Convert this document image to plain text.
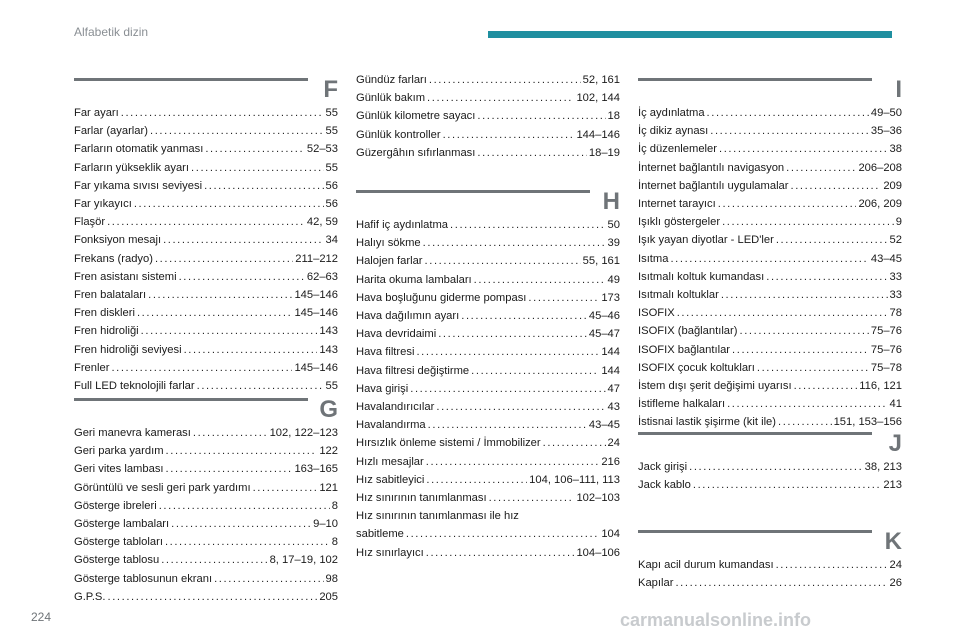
Alfabetik dizin
F
Far ayarı .....	55
Farlar (ayarlar) .....	55
Farların otomatik yanması .....	52–53
Farların yükseklik ayarı .....	55
Far yıkama sıvısı seviyesi .....	56
Far yıkayıcı .....	56
Flaşör .....	42, 59
Fonksiyon mesajı .....	34
Frekans (radyo) .....	211–212
Fren asistanı sistemi .....	62–63
Fren balataları .....	145–146
Fren diskleri .....	145–146
Fren hidroliği .....	143
Fren hidroliği seviyesi .....	143
Frenler .....	145–146
Full LED teknolojili farlar .....	55
G
Geri manevra kamerası .....	102, 122–123
Geri parka yardım .....	122
Geri vites lambası .....	163–165
Görüntülü ve sesli geri park yardımı .....	121
Gösterge ibreleri .....	8
Gösterge lambaları .....	9–10
Gösterge tabloları .....	8
Gösterge tablosu .....	8, 17–19, 102
Gösterge tablosunun ekranı .....	98
G.P.S. .....	205
Gündüz farları .....	52, 161
Günlük bakım .....	102, 144
Günlük kilometre sayacı .....	18
Günlük kontroller .....	144–146
Güzergâhın sıfırlanması .....	18–19
H
Hafif iç aydınlatma .....	50
Halıyı sökme .....	39
Halojen farlar .....	55, 161
Harita okuma lambaları .....	49
Hava boşluğunu giderme pompası .....	173
Hava dağılımın ayarı .....	45–46
Hava devridaimi .....	45–47
Hava filtresi .....	144
Hava filtresi değiştirme .....	144
Hava girişi .....	47
Havalandırıcılar .....	43
Havalandırma .....	43–45
Hırsızlık önleme sistemi / İmmobilizer .....	24
Hızlı mesajlar .....	216
Hız sabitleyici .....	104, 106–111, 113
Hız sınırının tanımlanması .....	102–103
Hız sınırının tanımlanması ile hız
sabitleme .....	104
Hız sınırlayıcı .....	104–106
I
İç aydınlatma .....	49–50
İç dikiz aynası .....	35–36
İç düzenlemeler .....	38
İnternet bağlantılı navigasyon .....	206–208
İnternet bağlantılı uygulamalar .....	209
Internet tarayıcı .....	206, 209
Işıklı göstergeler .....	9
Işık yayan diyotlar - LED'ler .....	52
Isıtma .....	43–45
Isıtmalı koltuk kumandası .....	33
Isıtmalı koltuklar .....	33
ISOFIX .....	78
ISOFIX (bağlantılar) .....	75–76
ISOFIX bağlantılar .....	75–76
ISOFIX çocuk koltukları .....	75–78
İstem dışı şerit değişimi uyarısı .....	116, 121
İstifleme halkaları .....	41
İstisnai lastik şişirme (kit ile) .....	151, 153–156
J
Jack girişi .....	38, 213
Jack kablo .....	213
K
Kapı acil durum kumandası .....	24
Kapılar .....	26
224	carmanualsonline.info
